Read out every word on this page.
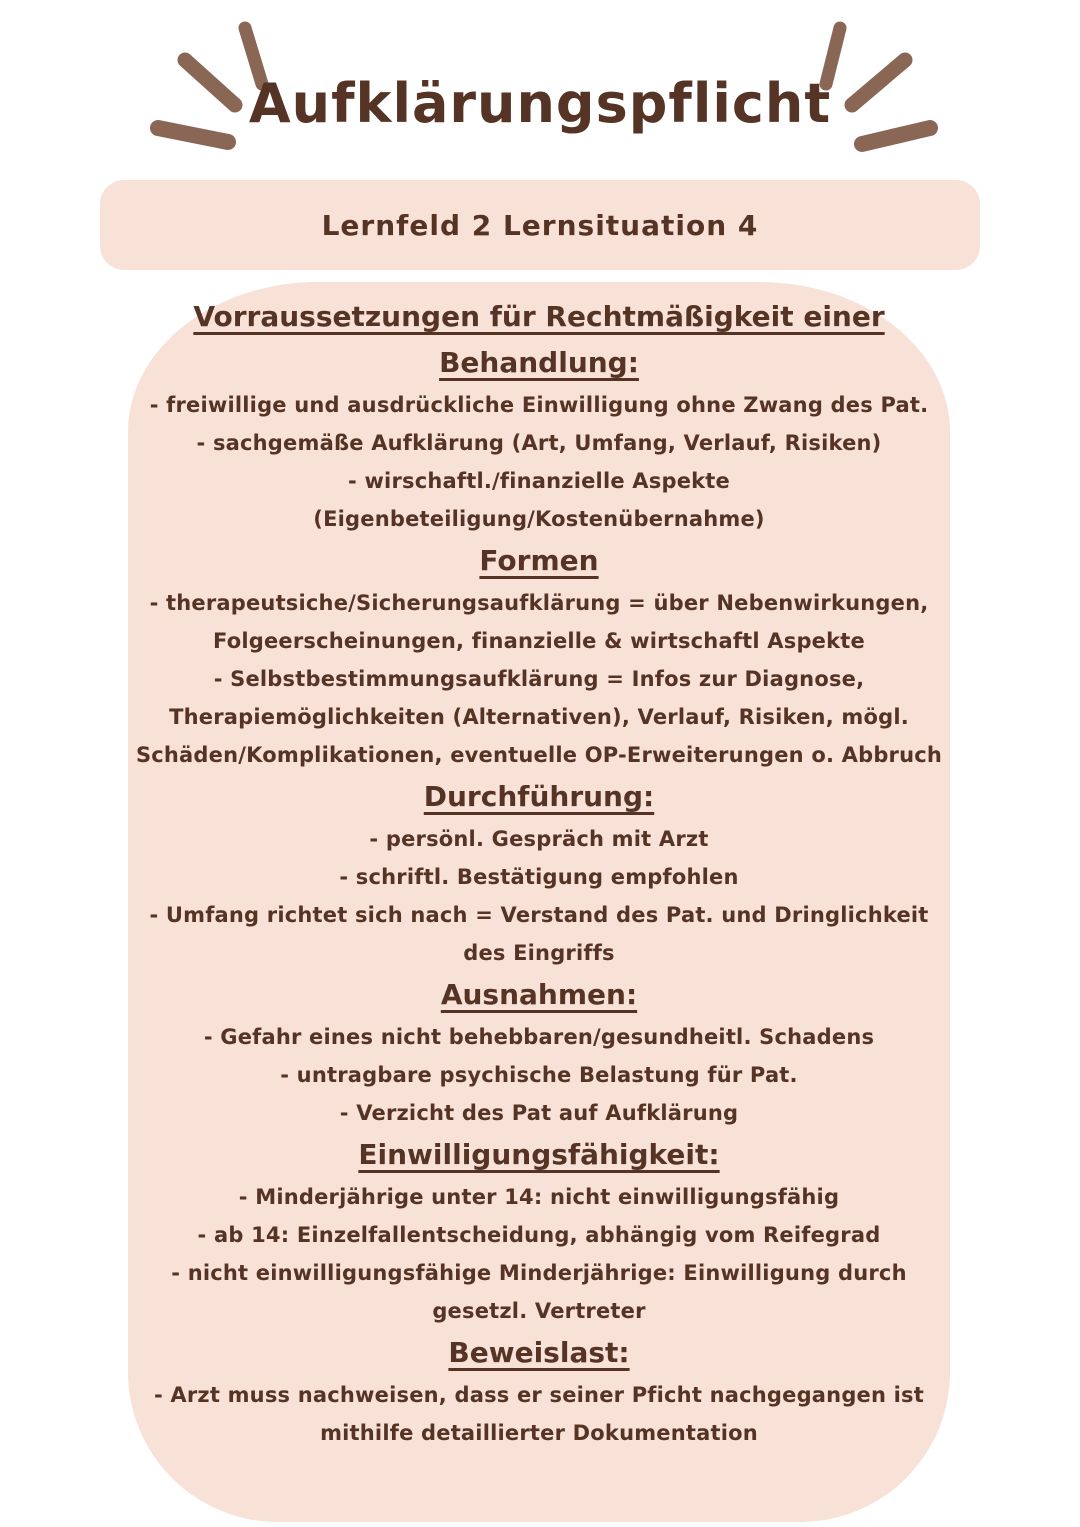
Aufklärungspflicht
Lernfeld 2 Lernsituation 4
Vorraussetzungen für Rechtmäßigkeit einer Behandlung:
- freiwillige und ausdrückliche Einwilligung ohne Zwang des Pat.
- sachgemäße Aufklärung (Art, Umfang, Verlauf, Risiken)
- wirschaftl./finanzielle Aspekte
(Eigenbeteiligung/Kostenübernahme)
Formen
- therapeutsiche/Sicherungsaufklärung = über Nebenwirkungen,
Folgeerscheinungen, finanzielle & wirtschaftl Aspekte
- Selbstbestimmungsaufklärung = Infos zur Diagnose,
Therapiemöglichkeiten (Alternativen), Verlauf, Risiken, mögl.
Schäden/Komplikationen, eventuelle OP-Erweiterungen o. Abbruch
Durchführung:
- persönl. Gespräch mit Arzt
- schriftl. Bestätigung empfohlen
- Umfang richtet sich nach = Verstand des Pat. und Dringlichkeit
des Eingriffs
Ausnahmen:
- Gefahr eines nicht behebbaren/gesundheitl. Schadens
- untragbare psychische Belastung für Pat.
- Verzicht des Pat auf Aufklärung
Einwilligungsfähigkeit:
- Minderjährige unter 14: nicht einwilligungsfähig
- ab 14: Einzelfallentscheidung, abhängig vom Reifegrad
- nicht einwilligungsfähige Minderjährige: Einwilligung durch
gesetzl. Vertreter
Beweislast:
- Arzt muss nachweisen, dass er seiner Pficht nachgegangen ist
mithilfe detaillierter Dokumentation
